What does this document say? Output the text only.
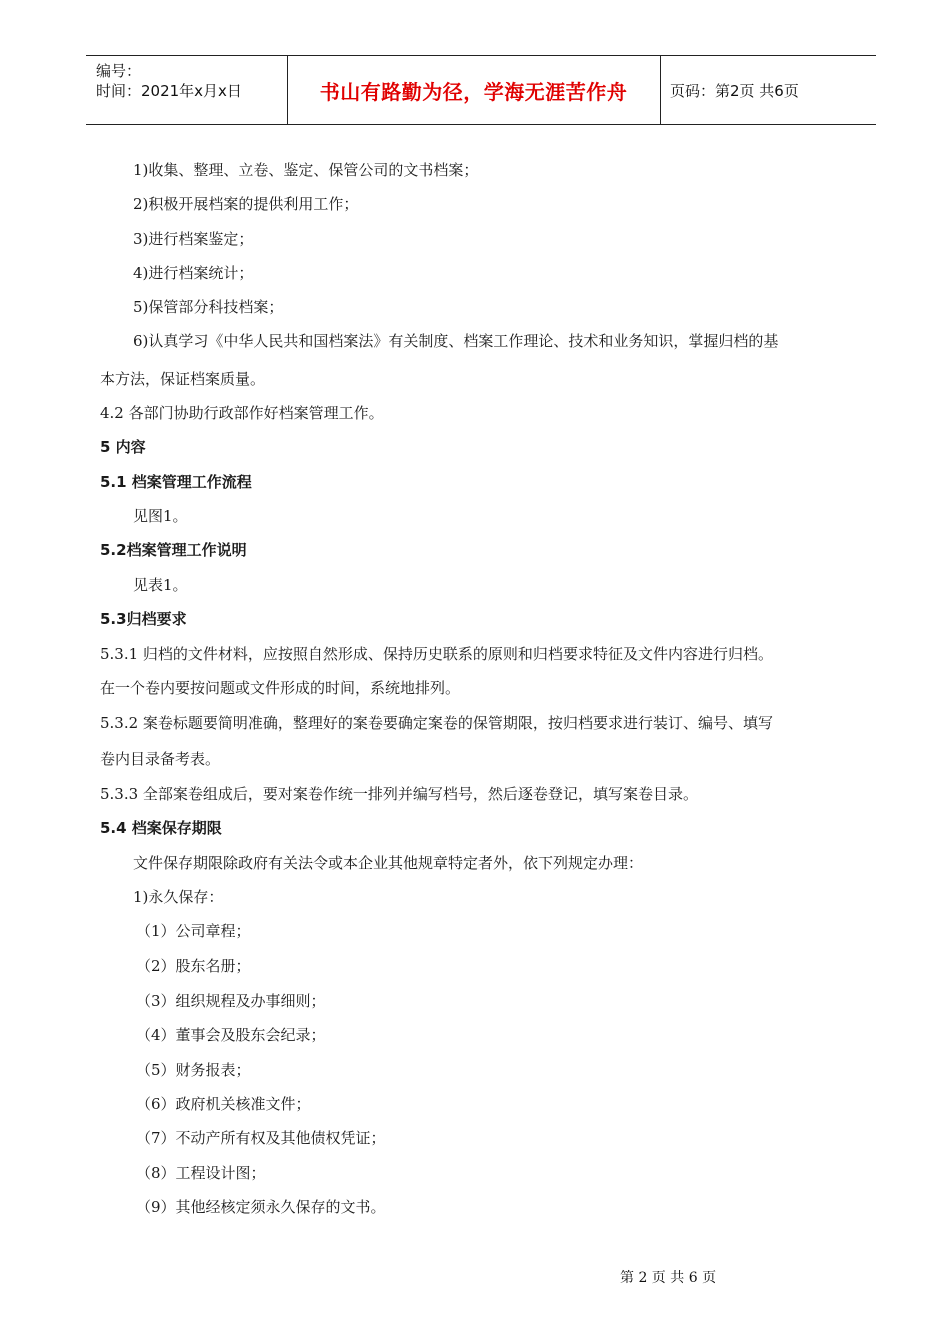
编号：
时间：2021年x月x日	书山有路勤为径，学海无涯苦作舟	页码：第2页 共6页
1)收集、整理、立卷、鉴定、保管公司的文书档案；
2)积极开展档案的提供利用工作；
3)进行档案鉴定；
4)进行档案统计；
5)保管部分科技档案；
6)认真学习《中华人民共和国档案法》有关制度、档案工作理论、技术和业务知识，掌握归档的基
本方法，保证档案质量。
4.2 各部门协助行政部作好档案管理工作。
5 内容
5.1 档案管理工作流程
见图1。
5.2档案管理工作说明
见表1。
5.3归档要求
5.3.1 归档的文件材料，应按照自然形成、保持历史联系的原则和归档要求特征及文件内容进行归档。
在一个卷内要按问题或文件形成的时间，系统地排列。
5.3.2 案卷标题要简明准确，整理好的案卷要确定案卷的保管期限，按归档要求进行装订、编号、填写
卷内目录备考表。
5.3.3 全部案卷组成后，要对案卷作统一排列并编写档号，然后逐卷登记，填写案卷目录。
5.4 档案保存期限
文件保存期限除政府有关法令或本企业其他规章特定者外，依下列规定办理：
1)永久保存：
（1）公司章程；
（2）股东名册；
（3）组织规程及办事细则；
（4）董事会及股东会纪录；
（5）财务报表；
（6）政府机关核准文件；
（7）不动产所有权及其他债权凭证；
（8）工程设计图；
（9）其他经核定须永久保存的文书。
第 2 页 共 6 页
